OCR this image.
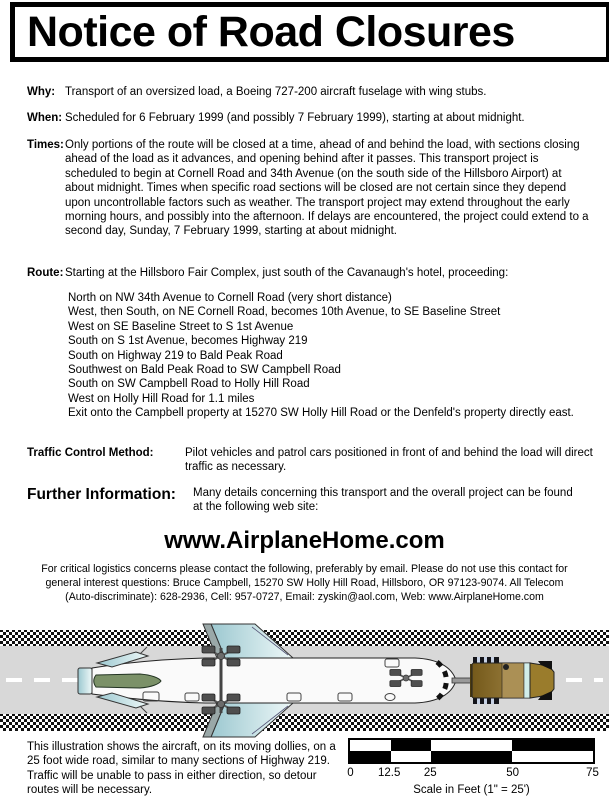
Notice of Road Closures
Why: Transport of an oversized load, a Boeing 727-200 aircraft fuselage with wing stubs.
When: Scheduled for 6 February 1999 (and possibly 7 February 1999), starting at about midnight.
Times: Only portions of the route will be closed at a time, ahead of and behind the load, with sections closing ahead of the load as it advances, and opening behind after it passes. This transport project is scheduled to begin at Cornell Road and 34th Avenue (on the south side of the Hillsboro Airport) at about midnight. Times when specific road sections will be closed are not certain since they depend upon uncontrollable factors such as weather. The transport project may extend throughout the early morning hours, and possibly into the afternoon. If delays are encountered, the project could extend to a second day, Sunday, 7 February 1999, starting at about midnight.
Route: Starting at the Hillsboro Fair Complex, just south of the Cavanaugh's hotel, proceeding:
North on NW 34th Avenue to Cornell Road (very short distance)
West, then South, on NE Cornell Road, becomes 10th Avenue, to SE Baseline Street
West on SE Baseline Street to S 1st Avenue
South on S 1st Avenue, becomes Highway 219
South on Highway 219 to Bald Peak Road
Southwest on Bald Peak Road to SW Campbell Road
South on SW Campbell Road to Holly Hill Road
West on Holly Hill Road for 1.1 miles
Exit onto the Campbell property at 15270 SW Holly Hill Road or the Denfeld's property directly east.
Traffic Control Method:	Pilot vehicles and patrol cars positioned in front of and behind the load will direct traffic as necessary.
Further Information:	Many details concerning this transport and the overall project can be found at the following web site:
www.AirplaneHome.com
For critical logistics concerns please contact the following, preferably by email. Please do not use this contact for general interest questions: Bruce Campbell, 15270 SW Holly Hill Road, Hillsboro, OR 97123-9074. All Telecom (Auto-discriminate): 628-2936, Cell: 957-0727, Email: zyskin@aol.com, Web: www.AirplaneHome.com
This illustration shows the aircraft, on its moving dollies, on a 25 foot wide road, similar to many sections of Highway 219. Traffic will be unable to pass in either direction, so detour routes will be necessary.
0 12.5 25	50	75
Scale in Feet (1" = 25')
